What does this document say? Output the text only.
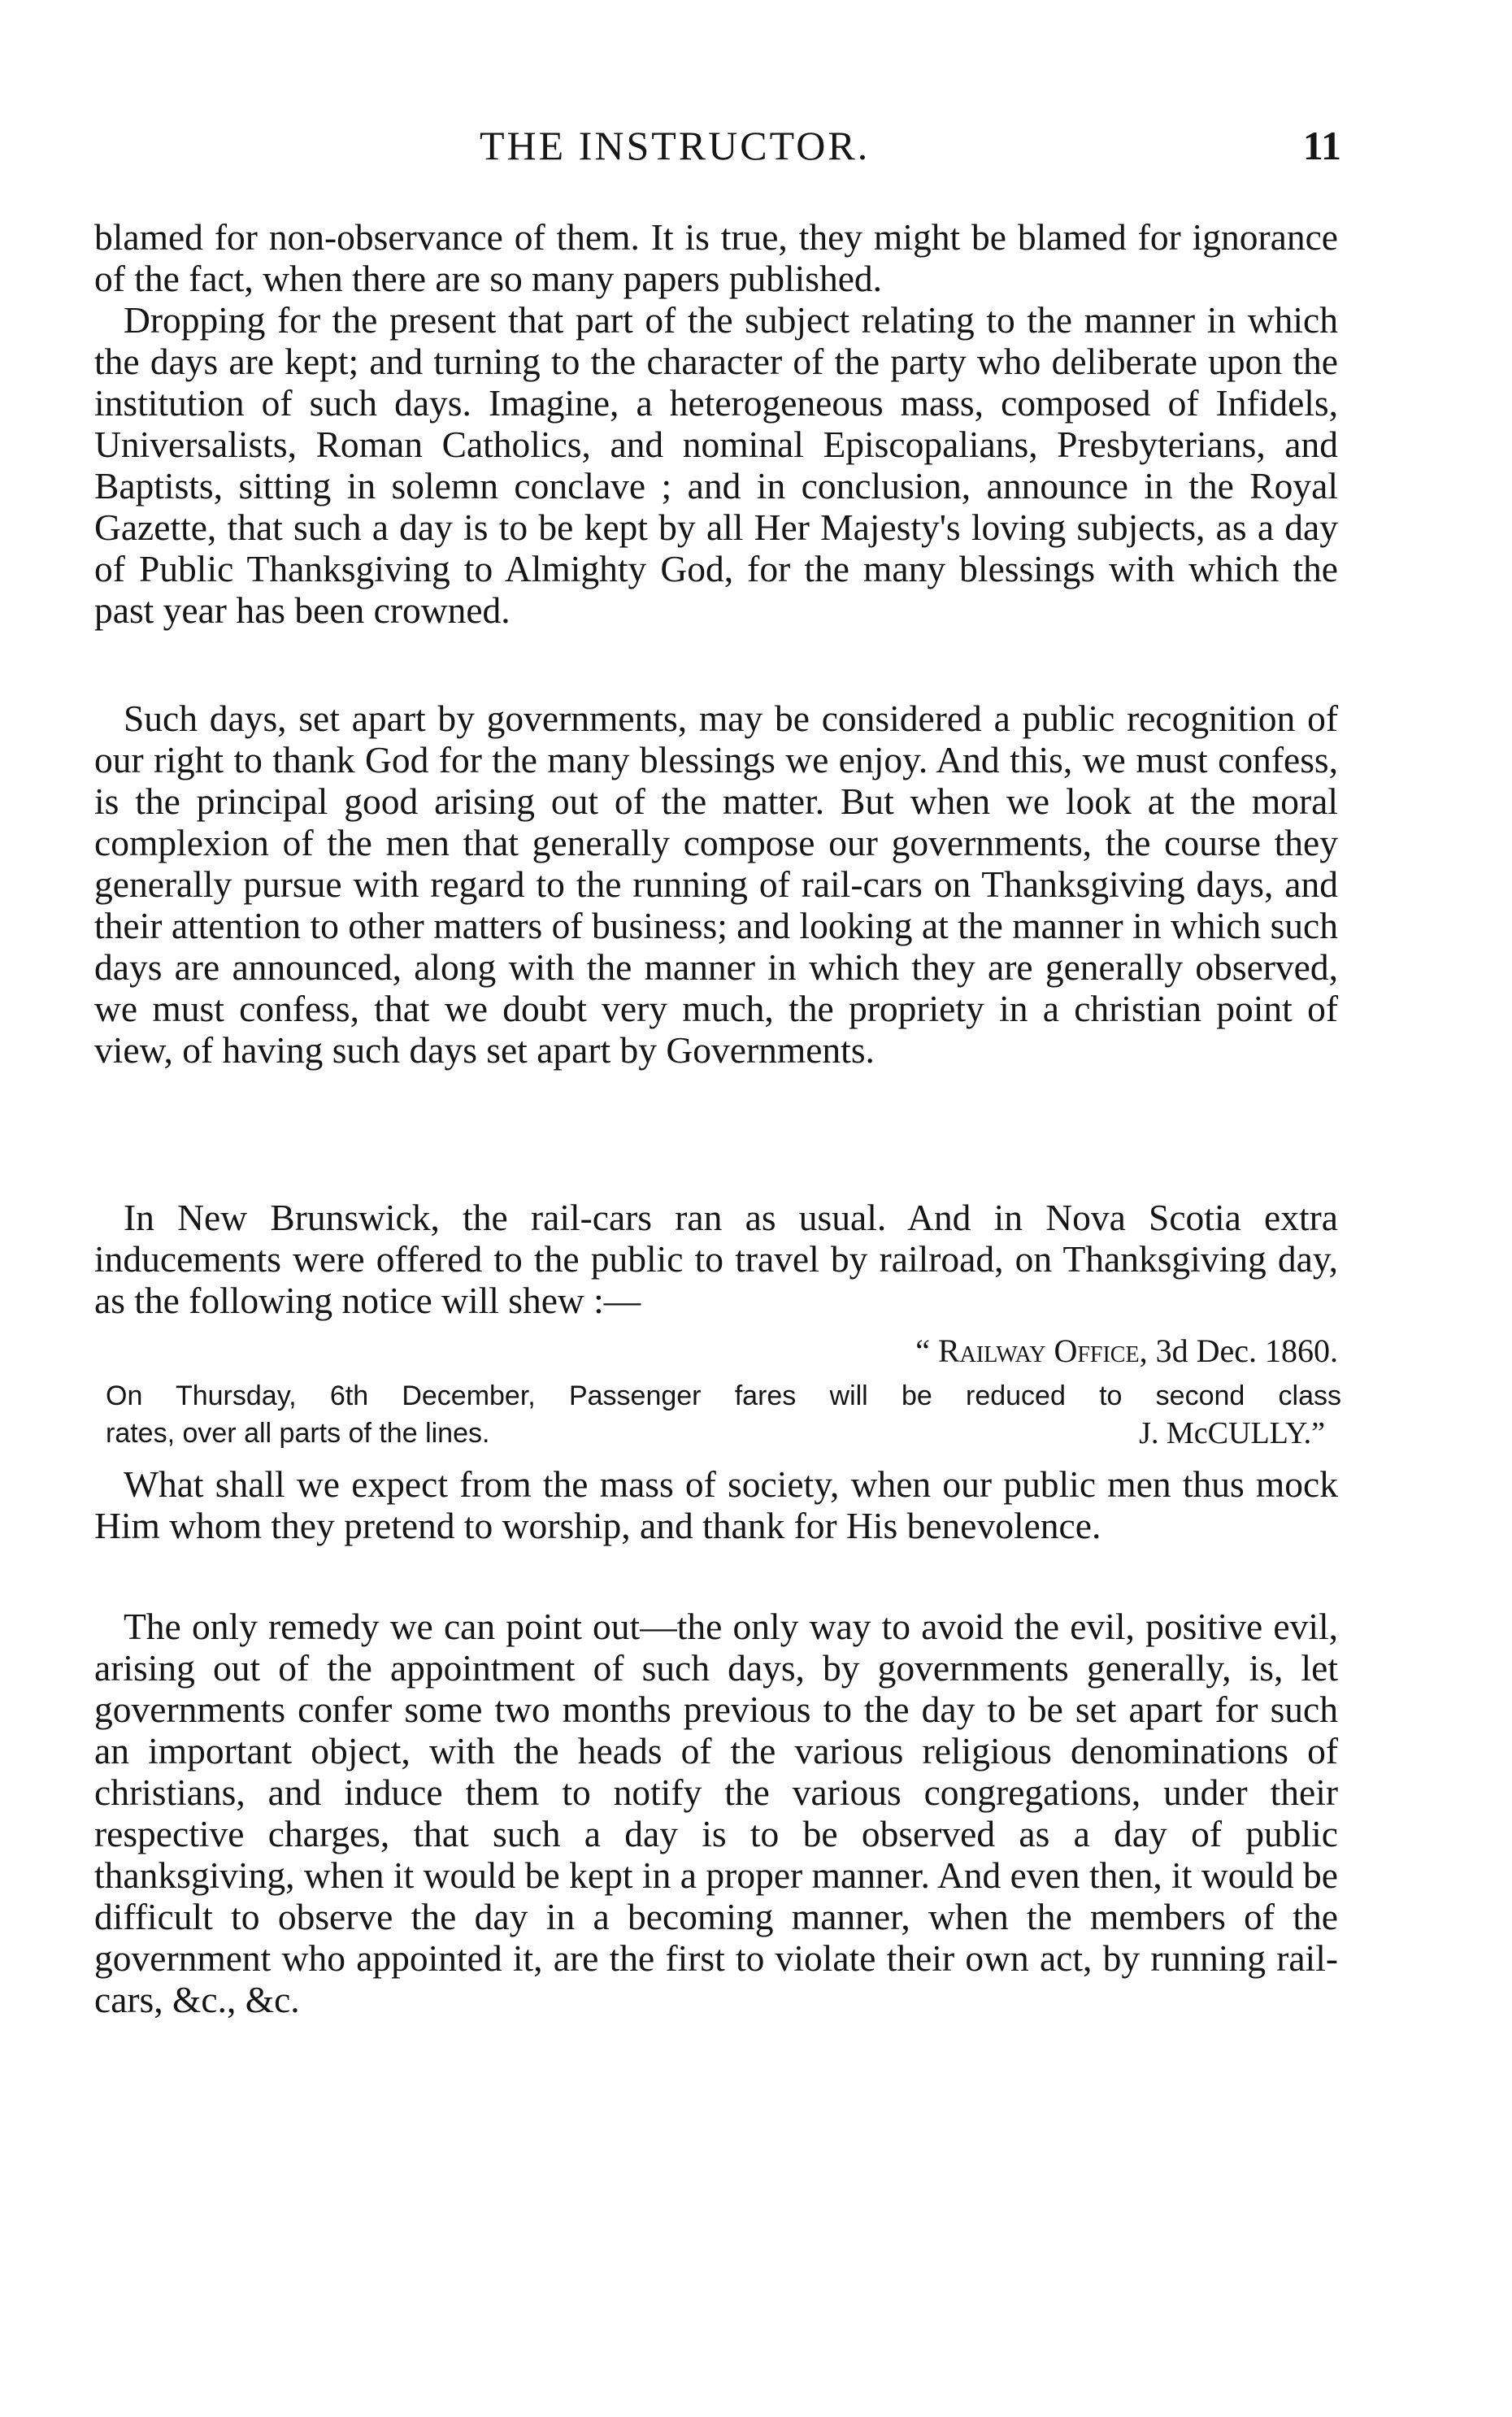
THE INSTRUCTOR.	11

blamed for non-observance of them. It is true, they might be blamed for ignorance of the fact, when there are so many papers published.

Dropping for the present that part of the subject relating to the manner in which the days are kept; and turning to the character of the party who deliberate upon the institution of such days. Imagine, a heterogeneous mass, composed of Infidels, Universalists, Roman Catholics, and nominal Episcopalians, Presbyterians, and Baptists, sitting in solemn conclave ; and in conclusion, announce in the Royal Gazette, that such a day is to be kept by all Her Majesty's loving subjects, as a day of Public Thanksgiving to Almighty God, for the many blessings with which the past year has been crowned.

Such days, set apart by governments, may be considered a public recognition of our right to thank God for the many blessings we enjoy. And this, we must confess, is the principal good arising out of the matter. But when we look at the moral complexion of the men that generally compose our governments, the course they generally pursue with regard to the running of rail-cars on Thanksgiving days, and their attention to other matters of business; and looking at the manner in which such days are announced, along with the manner in which they are generally observed, we must confess, that we doubt very much, the propriety in a christian point of view, of having such days set apart by Governments.

In New Brunswick, the rail-cars ran as usual. And in Nova Scotia extra inducements were offered to the public to travel by railroad, on Thanksgiving day, as the following notice will shew :—

“ Railway Office, 3d Dec. 1860.
On Thursday, 6th December, Passenger fares will be reduced to second class
rates, over all parts of the lines.	J. McCULLY.”

What shall we expect from the mass of society, when our public men thus mock Him whom they pretend to worship, and thank for His benevolence.

The only remedy we can point out—the only way to avoid the evil, positive evil, arising out of the appointment of such days, by governments generally, is, let governments confer some two months previous to the day to be set apart for such an important object, with the heads of the various religious denominations of christians, and induce them to notify the various congregations, under their respective charges, that such a day is to be observed as a day of public thanksgiving, when it would be kept in a proper manner. And even then, it would be difficult to observe the day in a becoming manner, when the members of the government who appointed it, are the first to violate their own act, by running rail-cars, &c., &c.
